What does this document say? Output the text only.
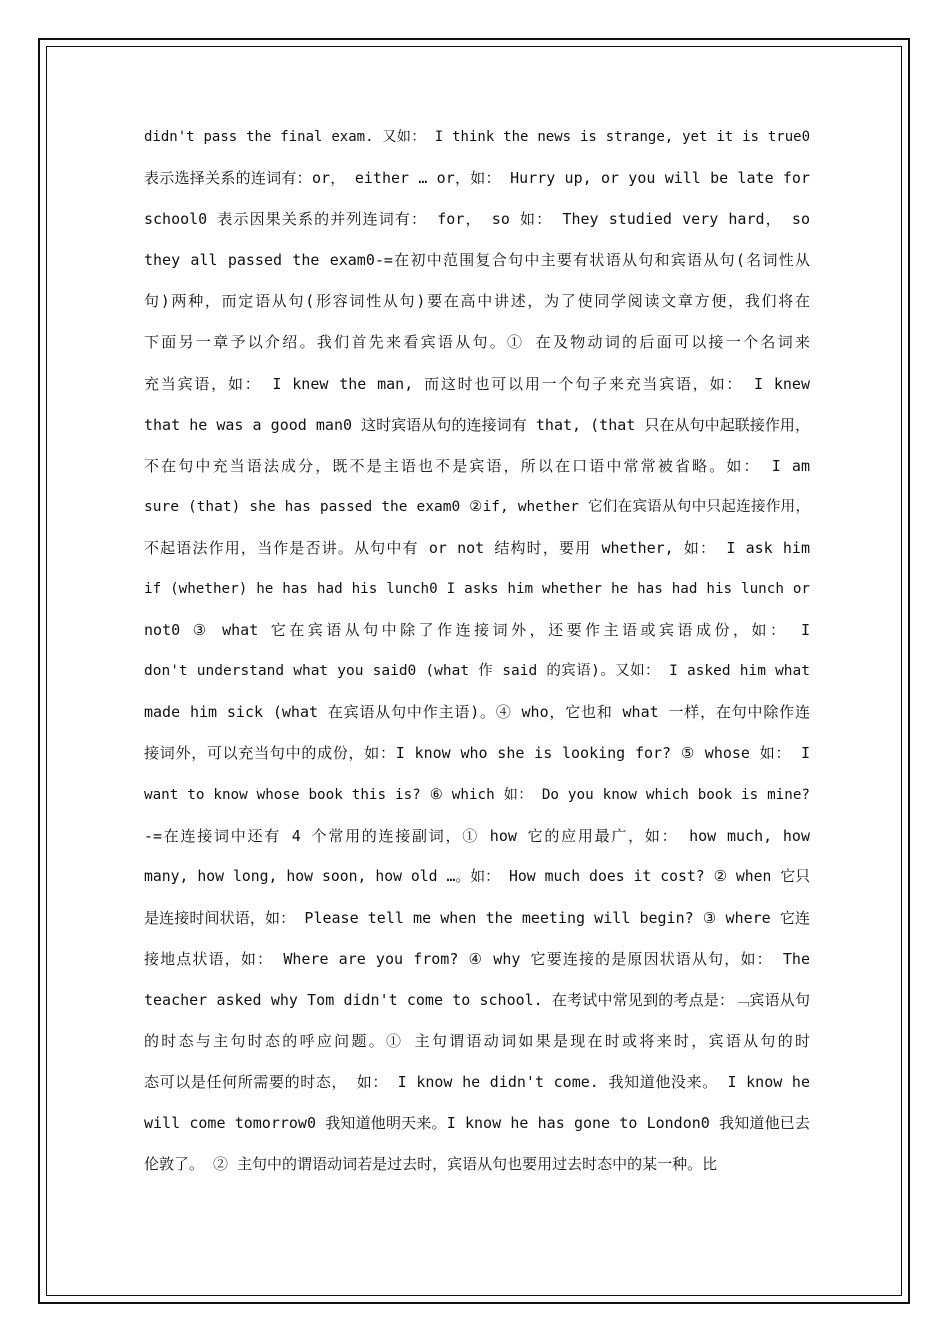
didn't pass the final exam. 又如： I think the news is strange, yet it is true0
表示选择关系的连词有：or， either … or，如： Hurry up, or you will be late for
school0 表示因果关系的并列连词有： for， so 如： They studied very hard， so
they all passed the exam0-=在初中范围复合句中主要有状语从句和宾语从句(名词性从
句)两种，而定语从句(形容词性从句)要在高中讲述，为了使同学阅读文章方便，我们将在
下面另一章予以介绍。我们首先来看宾语从句。① 在及物动词的后面可以接一个名词来
充当宾语，如： I knew the man, 而这时也可以用一个句子来充当宾语，如： I knew
that he was a good man0 这时宾语从句的连接词有 that, (that 只在从句中起联接作用，
不在句中充当语法成分，既不是主语也不是宾语，所以在口语中常常被省略。如： I am
sure (that) she has passed the exam0 ②if, whether 它们在宾语从句中只起连接作用，
不起语法作用，当作是否讲。从句中有 or not 结构时，要用 whether, 如： I ask him
if (whether) he has had his lunch0 I asks him whether he has had his lunch or
not0 ③ what 它在宾语从句中除了作连接词外，还要作主语或宾语成份，如： I
don't understand what you said0 (what 作 said 的宾语)。又如： I asked him what
made him sick (what 在宾语从句中作主语)。④ who，它也和 what 一样，在句中除作连
接词外，可以充当句中的成份，如：I know who she is looking for? ⑤ whose 如： I
want to know whose book this is? ⑥ which 如： Do you know which book is mine?
-=在连接词中还有 4 个常用的连接副词，① how 它的应用最广，如： how much, how
many, how long, how soon, how old …。如： How much does it cost? ② when 它只
是连接时间状语，如： Please tell me when the meeting will begin? ③ where 它连
接地点状语，如： Where are you from? ④ why 它要连接的是原因状语从句，如： The
teacher asked why Tom didn't come to school. 在考试中常见到的考点是：﹁宾语从句
的时态与主句时态的呼应问题。① 主句谓语动词如果是现在时或将来时，宾语从句的时
态可以是任何所需要的时态， 如： I know he didn't come. 我知道他没来。 I know he
will come tomorrow0 我知道他明天来。I know he has gone to London0 我知道他已去
伦敦了。 ② 主句中的谓语动词若是过去时，宾语从句也要用过去时态中的某一种。比
